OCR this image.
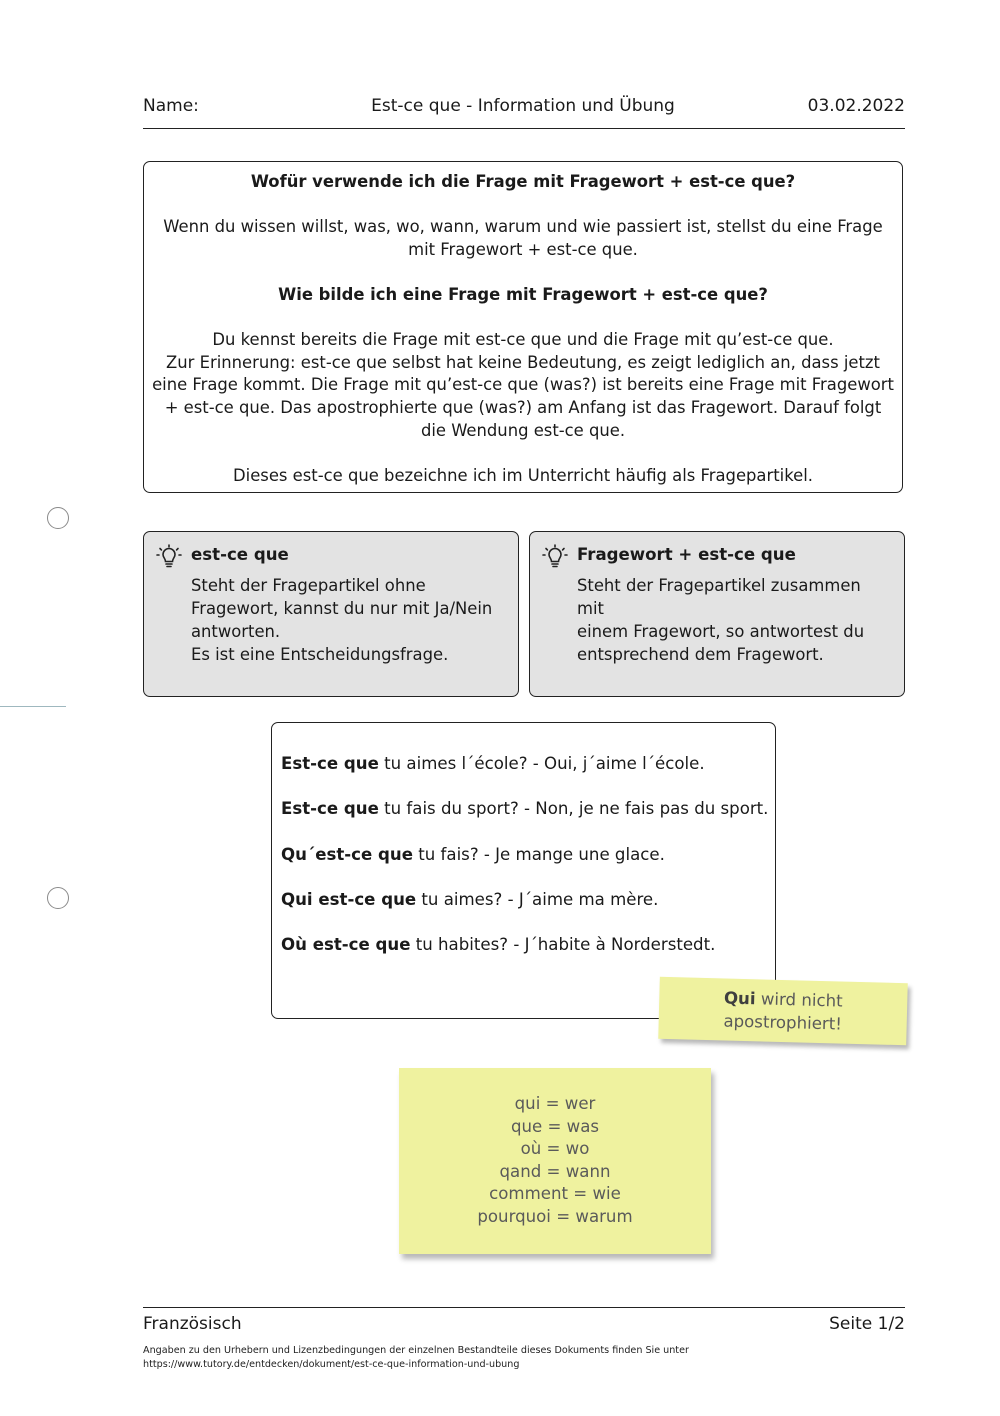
Name:	Est-ce que - Information und Übung	03.02.2022

Wofür verwende ich die Frage mit Fragewort + est-ce que?

Wenn du wissen willst, was, wo, wann, warum und wie passiert ist, stellst du eine Frage mit Fragewort + est-ce que.

Wie bilde ich eine Frage mit Fragewort + est-ce que?

Du kennst bereits die Frage mit est-ce que und die Frage mit qu’est-ce que.

Zur Erinnerung: est-ce que selbst hat keine Bedeutung, es zeigt lediglich an, dass jetzt eine Frage kommt. Die Frage mit qu’est-ce que (was?) ist bereits eine Frage mit Fragewort + est-ce que. Das apostrophierte que (was?) am Anfang ist das Fragewort. Darauf folgt die Wendung est-ce que.

Dieses est-ce que bezeichne ich im Unterricht häufig als Fragepartikel.

est-ce que
Steht der Fragepartikel ohne
Fragewort, kannst du nur mit Ja/Nein
antworten.
Es ist eine Entscheidungsfrage.
Fragewort + est-ce que
Steht der Fragepartikel zusammen mit
einem Fragewort, so antwortest du
entsprechend dem Fragewort.
Est-ce que tu aimes l´école? - Oui, j´aime l´école.
Est-ce que tu fais du sport? - Non, je ne fais pas du sport.
Qu´est-ce que tu fais? - Je mange une glace.
Qui est-ce que tu aimes? - J´aime ma mère.
Où est-ce que tu habites? - J´habite à Norderstedt.
Qui wird nicht
apostrophiert!
qui = wer
que = was
où = wo
qand = wann
comment = wie
pourquoi = warum
Französisch	Seite 1/2
Angaben zu den Urhebern und Lizenzbedingungen der einzelnen Bestandteile dieses Dokuments finden Sie unter
https://www.tutory.de/entdecken/dokument/est-ce-que-information-und-ubung
